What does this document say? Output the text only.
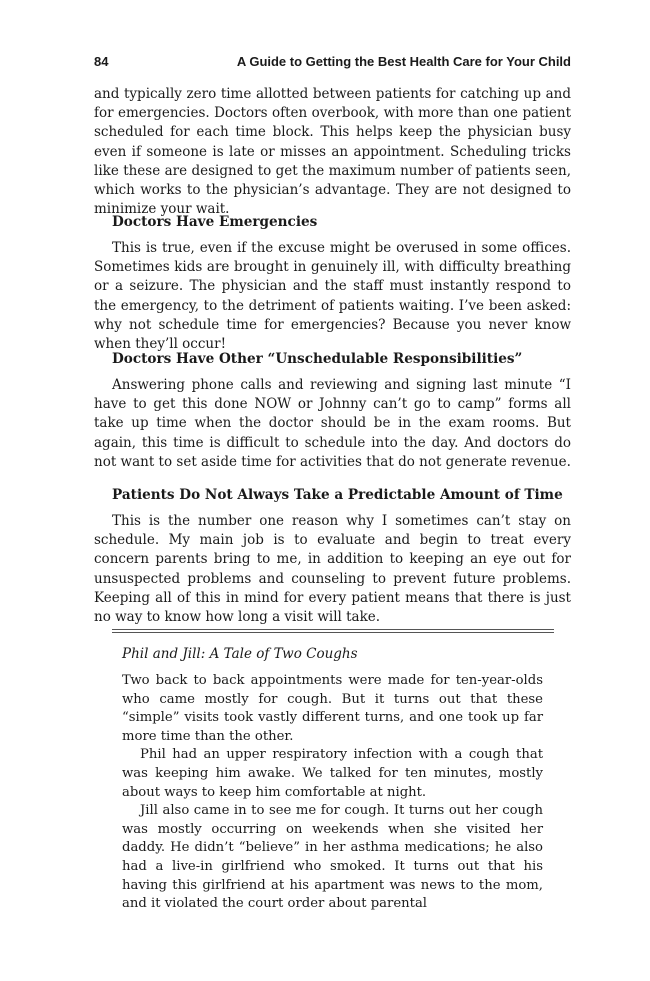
84	A Guide to Getting the Best Health Care for Your Child

and typically zero time allotted between patients for catching up and for emergencies. Doctors often overbook, with more than one patient scheduled for each time block. This helps keep the physician busy even if someone is late or misses an appointment. Scheduling tricks like these are designed to get the maximum number of patients seen, which works to the physician’s advantage. They are not designed to minimize your wait.

Doctors Have Emergencies

This is true, even if the excuse might be overused in some offices. Sometimes kids are brought in genuinely ill, with difficulty breathing or a seizure. The physician and the staff must instantly respond to the emergency, to the detriment of patients waiting. I’ve been asked: why not schedule time for emergencies? Because you never know when they’ll occur!

Doctors Have Other “Unschedulable Responsibilities”

Answering phone calls and reviewing and signing last minute “I have to get this done NOW or Johnny can’t go to camp” forms all take up time when the doctor should be in the exam rooms. But again, this time is difficult to schedule into the day. And doctors do not want to set aside time for activities that do not generate revenue.

Patients Do Not Always Take a Predictable Amount of Time

This is the number one reason why I sometimes can’t stay on schedule. My main job is to evaluate and begin to treat every concern parents bring to me, in addition to keeping an eye out for unsuspected problems and counseling to prevent future problems. Keeping all of this in mind for every patient means that there is just no way to know how long a visit will take.

Phil and Jill: A Tale of Two Coughs

Two back to back appointments were made for ten-year-olds who came mostly for cough. But it turns out that these “simple” visits took vastly different turns, and one took up far more time than the other.

Phil had an upper respiratory infection with a cough that was keeping him awake. We talked for ten minutes, mostly about ways to keep him comfortable at night.

Jill also came in to see me for cough. It turns out her cough was mostly occurring on weekends when she visited her daddy. He didn’t “believe” in her asthma medications; he also had a live-in girlfriend who smoked. It turns out that his having this girlfriend at his apartment was news to the mom, and it violated the court order about parental
